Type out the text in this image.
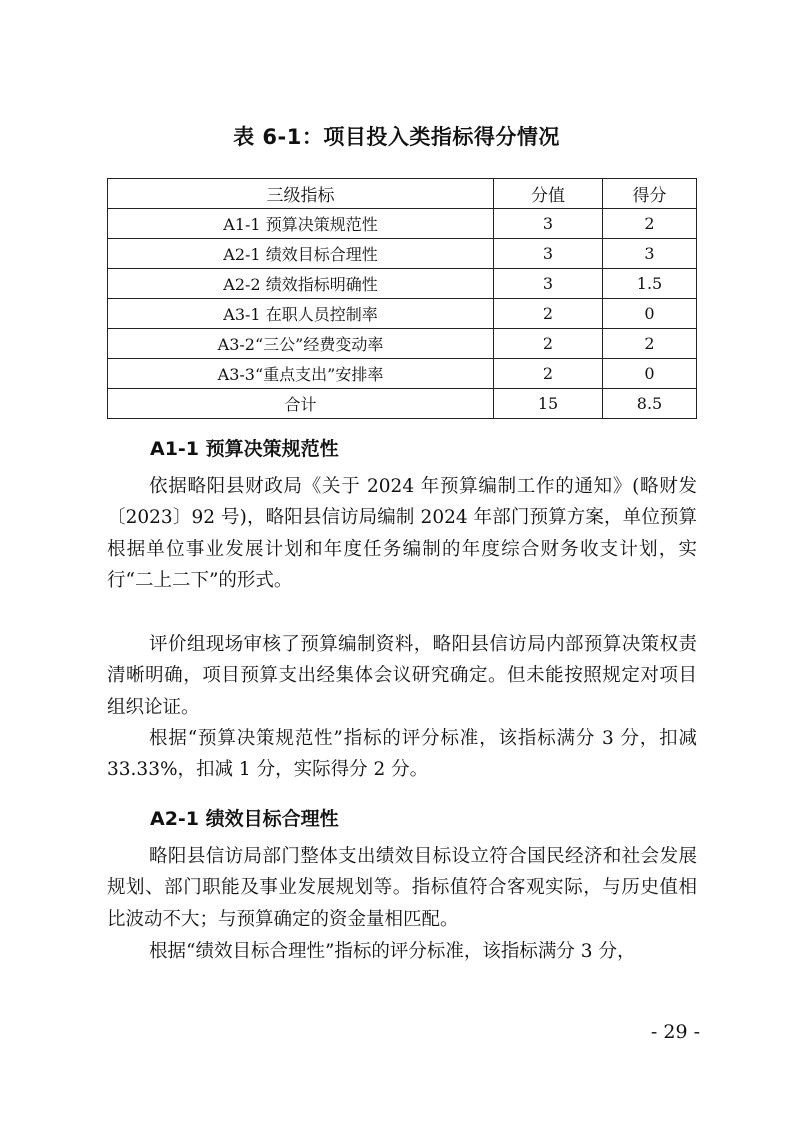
表 6-1：项目投入类指标得分情况
三级指标	分值	得分
A1-1 预算决策规范性	3	2
A2-1 绩效目标合理性	3	3
A2-2 绩效指标明确性	3	1.5
A3-1 在职人员控制率	2	0
A3-2“三公”经费变动率	2	2
A3-3“重点支出”安排率	2	0
合计	15	8.5
A1-1 预算决策规范性

依据略阳县财政局《关于 2024 年预算编制工作的通知》(略财发〔2023〕92 号)，略阳县信访局编制 2024 年部门预算方案，单位预算根据单位事业发展计划和年度任务编制的年度综合财务收支计划，实行“二上二下”的形式。

评价组现场审核了预算编制资料，略阳县信访局内部预算决策权责清晰明确，项目预算支出经集体会议研究确定。但未能按照规定对项目组织论证。

根据“预算决策规范性”指标的评分标准，该指标满分 3 分，扣减 33.33%，扣减 1 分，实际得分 2 分。

A2-1 绩效目标合理性

略阳县信访局部门整体支出绩效目标设立符合国民经济和社会发展规划、部门职能及事业发展规划等。指标值符合客观实际，与历史值相比波动不大；与预算确定的资金量相匹配。

根据“绩效目标合理性”指标的评分标准，该指标满分 3 分，

- 29 -
